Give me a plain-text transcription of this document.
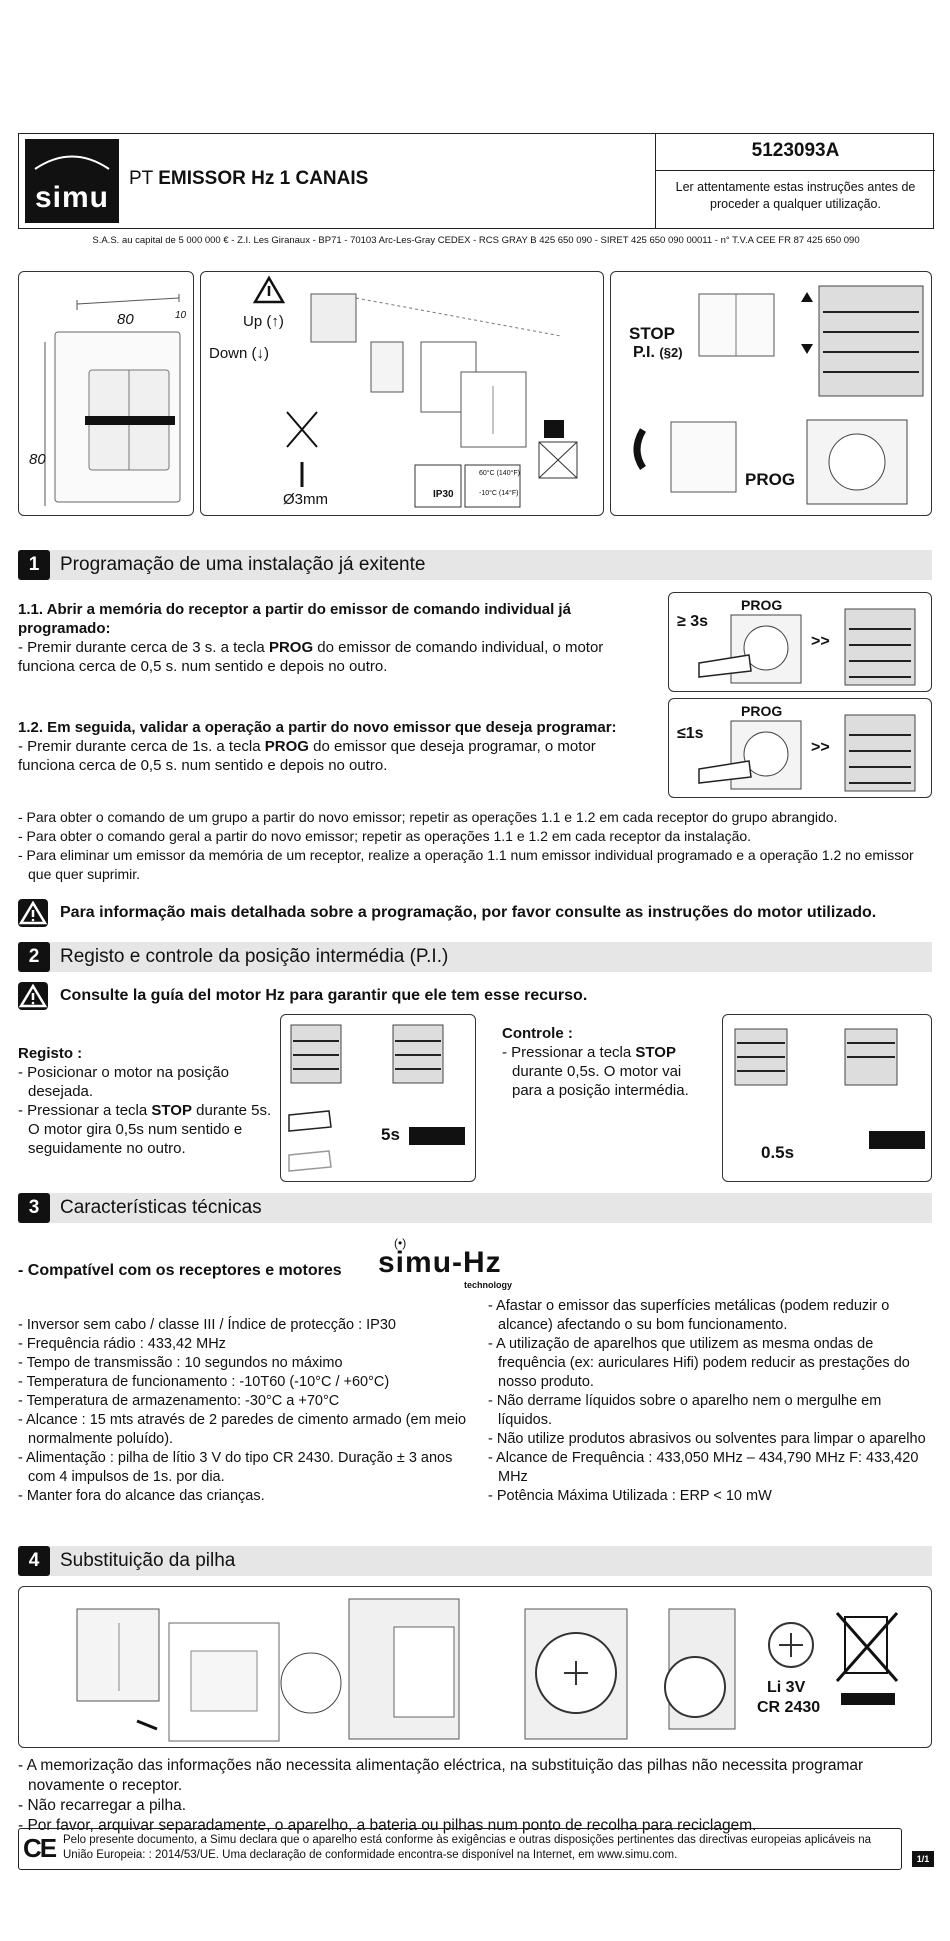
simu
PT EMISSOR Hz 1 CANAIS
5123093A
Ler attentamente estas instruções antes de proceder a qualquer utilização.
S.A.S. au capital de 5 000 000 € - Z.I. Les Giranaux - BP71 - 70103 Arc-Les-Gray CEDEX - RCS GRAY B 425 650 090 - SIRET 425 650 090 00011 - n° T.V.A CEE FR 87 425 650 090
80
80
10	Up (↑)
Down (↓)
Ø3mm	IP30
60°C (140°F)
-10°C (14°F)
STOP
P.I. (§2)
PROG
1	Programação de uma instalação já exitente
1.1. Abrir a memória do receptor a partir do emissor de comando individual já programado:
- Premir durante cerca de 3 s. a tecla PROG do emissor de comando individual, o motor funciona cerca de 0,5 s. num sentido e depois no outro.
1.2. Em seguida, validar a operação a partir do novo emissor que deseja programar:
- Premir durante cerca de 1s. a tecla PROG do emissor que deseja programar, o motor funciona cerca de 0,5 s. num sentido e depois no outro.
≥ 3s
PROG
>>
≤1s
PROG
>>
- Para obter o comando de um grupo a partir do novo emissor; repetir as operações 1.1 e 1.2 em cada receptor do grupo abrangido.
- Para obter o comando geral a partir do novo emissor; repetir as operações 1.1 e 1.2 em cada receptor da instalação.
- Para eliminar um emissor da memória de um receptor, realize a operação 1.1 num emissor individual programado e a operação 1.2 no emissor que quer suprimir.
Para informação mais detalhada sobre a programação, por favor consulte as instruções do motor utilizado.
2	Registo e controle da posição intermédia (P.I.)
Consulte la guía del motor Hz para garantir que ele tem esse recurso.
Registo :
- Posicionar o motor na posição desejada.
- Pressionar a tecla STOP durante 5s. O motor gira 0,5s num sentido e seguidamente no outro.
5s
Controle :
- Pressionar a tecla STOP durante 0,5s. O motor vai para a posição intermédia.
0.5s
3	Características técnicas
- Compatível com os receptores e motores
(•)
simu-Hz
technology
- Inversor sem cabo / classe III / Índice de protecção : IP30
- Frequência rádio : 433,42 MHz
- Tempo de transmissão : 10 segundos no máximo
- Temperatura de funcionamento : -10T60 (-10°C / +60°C)
- Temperatura de armazenamento: -30°C a +70°C
- Alcance : 15 mts através de 2 paredes de cimento armado (em meio normalmente poluído).
- Alimentação : pilha de lítio 3 V do tipo CR 2430. Duração ± 3 anos com 4 impulsos de 1s. por dia.
- Manter fora do alcance das crianças.
- Afastar o emissor das superfícies metálicas (podem reduzir o alcance) afectando o su bom funcionamento.
- A utilização de aparelhos que utilizem as mesma ondas de frequência (ex: auriculares Hifi) podem reducir as prestações do nosso produto.
- Não derrame líquidos sobre o aparelho nem o mergulhe em líquidos.
- Não utilize produtos abrasivos ou solventes para limpar o aparelho
- Alcance de Frequência : 433,050 MHz – 434,790 MHz F: 433,420 MHz
- Potência Máxima Utilizada : ERP < 10 mW
4	Substituição da pilha
Li 3V
CR 2430
- A memorização das informações não necessita alimentação eléctrica, na substituição das pilhas não necessita programar novamente o receptor.
- Não recarregar a pilha.
- Por favor, arquivar separadamente, o aparelho, a bateria ou pilhas num ponto de recolha para reciclagem.
CE Pelo presente documento, a Simu declara que o aparelho está conforme às exigências e outras disposições pertinentes das directivas europeias aplicáveis na União Europeia: : 2014/53/UE. Uma declaração de conformidade encontra-se disponível na Internet, em www.simu.com.	1/1
